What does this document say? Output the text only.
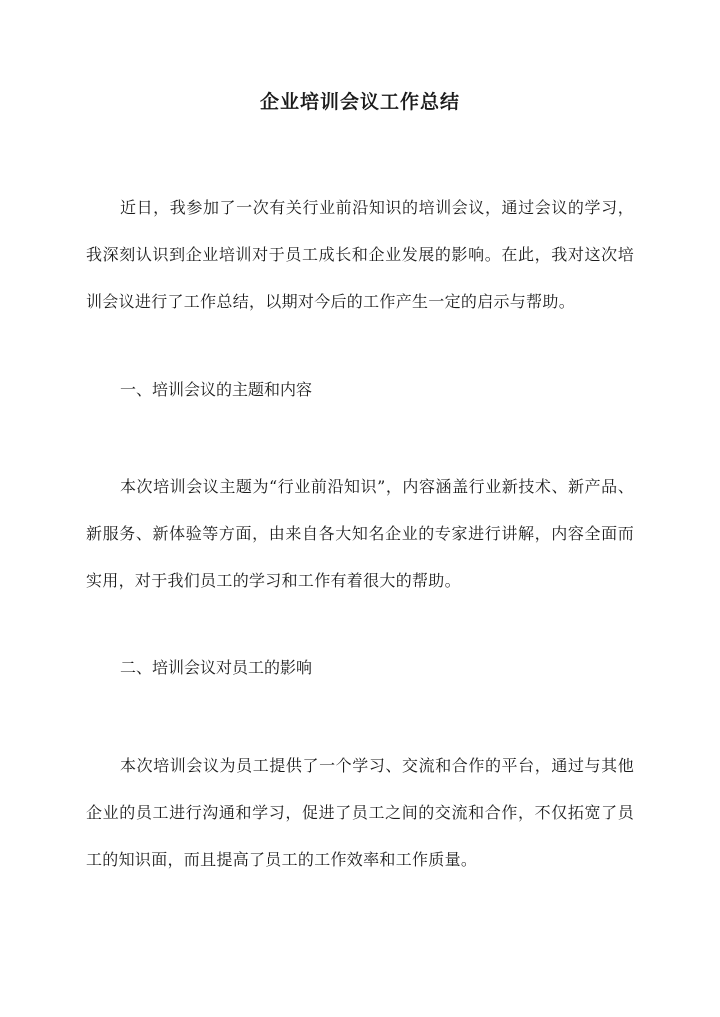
企业培训会议工作总结

近日，我参加了一次有关行业前沿知识的培训会议，通过会议的学习，我深刻认识到企业培训对于员工成长和企业发展的影响。在此，我对这次培训会议进行了工作总结，以期对今后的工作产生一定的启示与帮助。

一、培训会议的主题和内容

本次培训会议主题为“行业前沿知识”，内容涵盖行业新技术、新产品、新服务、新体验等方面，由来自各大知名企业的专家进行讲解，内容全面而实用，对于我们员工的学习和工作有着很大的帮助。

二、培训会议对员工的影响

本次培训会议为员工提供了一个学习、交流和合作的平台，通过与其他企业的员工进行沟通和学习，促进了员工之间的交流和合作，不仅拓宽了员工的知识面，而且提高了员工的工作效率和工作质量。
